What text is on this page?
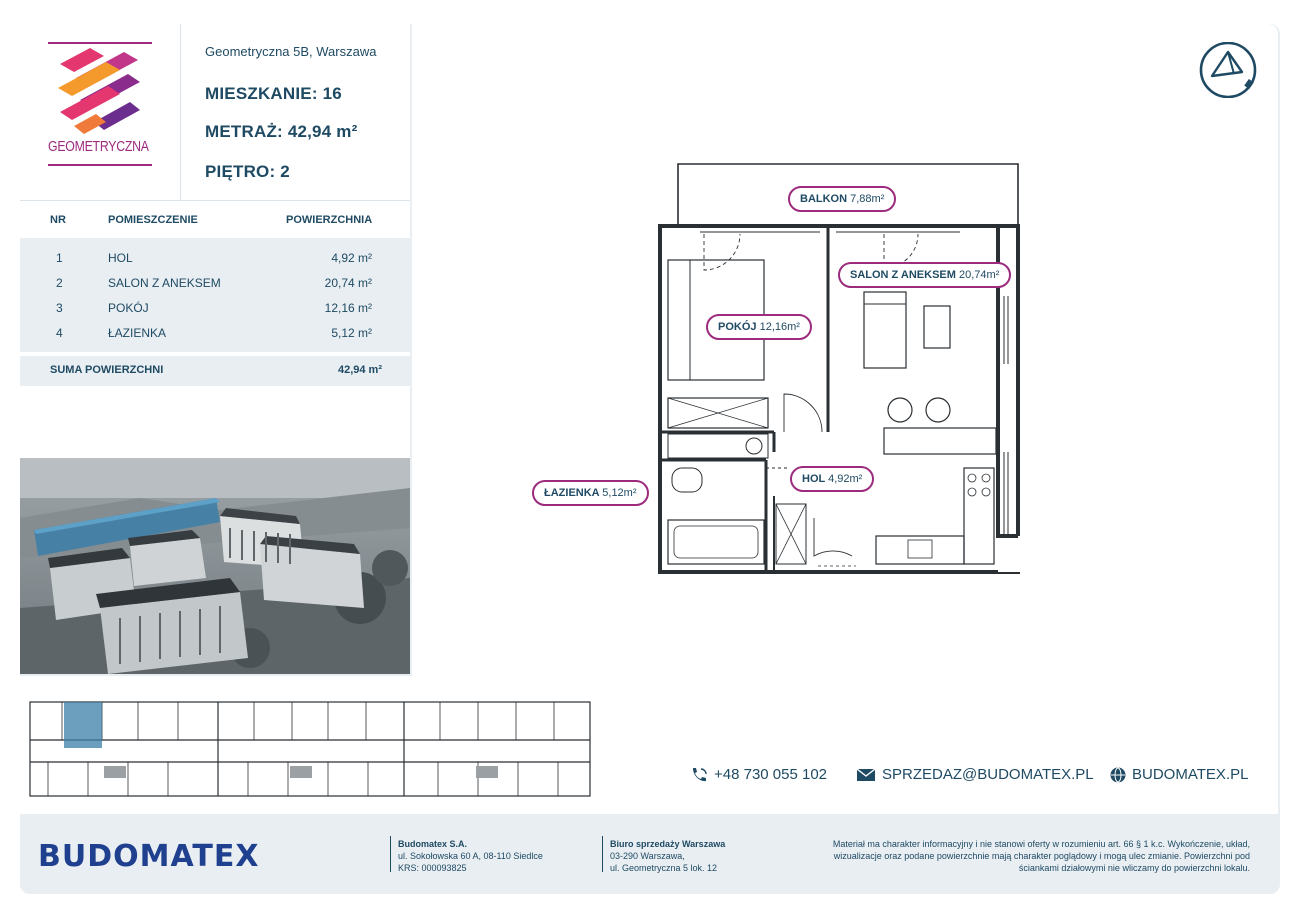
GEOMETRYCZNA
Geometryczna 5B, Warszawa
MIESZKANIE: 16
METRAŻ: 42,94 m²
PIĘTRO: 2
NR	POMIESZCZENIE	POWIERZCHNIA
1	HOL	4,92 m²
2	SALON Z ANEKSEM	20,74 m²
3	POKÓJ	12,16 m²
4	ŁAZIENKA	5,12 m²
SUMA POWIERZCHNI	42,94 m²
BALKON 7,88m²
SALON Z ANEKSEM 20,74m²
POKÓJ 12,16m²
HOL 4,92m²
ŁAZIENKA 5,12m²
+48 730 055 102	SPRZEDAZ@BUDOMATEX.PL	BUDOMATEX.PL
BUDOMATEX	Budomatex S.A.
ul. Sokołowska 60 A, 08-110 Siedlce
KRS: 000093825
Biuro sprzedaży Warszawa
03-290 Warszawa,
ul. Geometryczna 5 lok. 12
Materiał ma charakter informacyjny i nie stanowi oferty w rozumieniu art. 66 § 1 k.c. Wykończenie, układ,
wizualizacje oraz podane powierzchnie mają charakter poglądowy i mogą ulec zmianie. Powierzchni pod
ściankami działowymi nie wliczamy do powierzchni lokalu.
